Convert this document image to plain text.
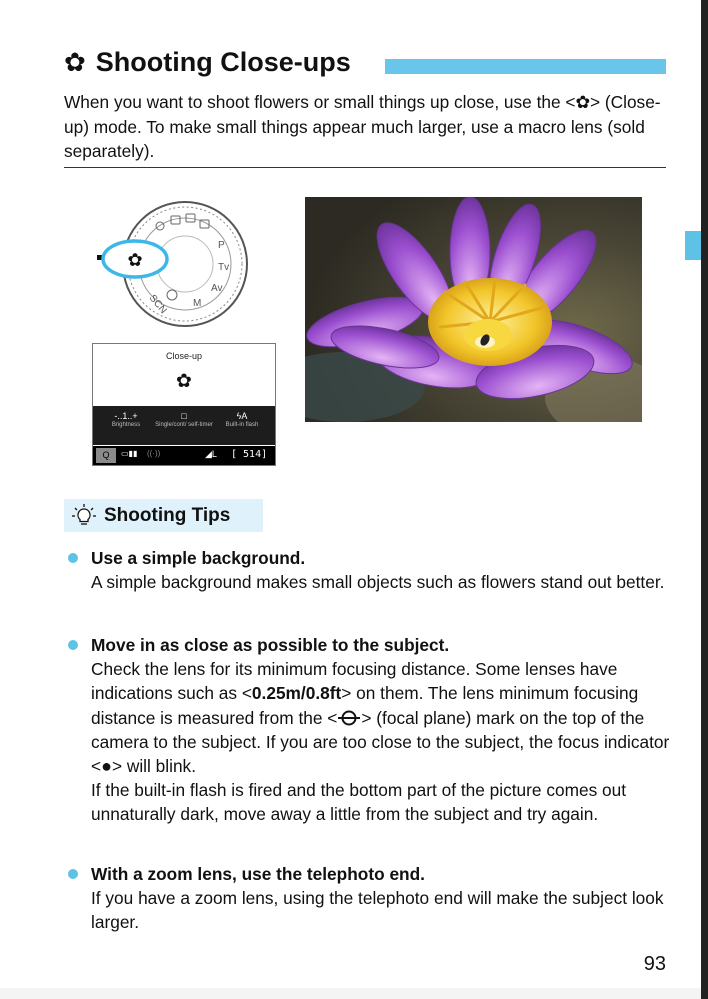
✿ Shooting Close-ups
When you want to shoot flowers or small things up close, use the <✿> (Close-up) mode. To make small things appear much larger, use a macro lens (sold separately).
SCN
P
Tv
Av
M
✿
Close-up
✿
-..1..+
Brightness
□
Single/cont/ self-timer
ϟA
Built-in flash
Q	▭▮▮ ((·))	◢L [ 514]
Shooting Tips
Use a simple background.
A simple background makes small objects such as flowers stand out better.
Move in as close as possible to the subject.
Check the lens for its minimum focusing distance. Some lenses have indications such as <0.25m/0.8ft> on them. The lens minimum focusing distance is measured from the < > (focal plane) mark on the top of the camera to the subject. If you are too close to the subject, the focus indicator <●> will blink.
If the built-in flash is fired and the bottom part of the picture comes out unnaturally dark, move away a little from the subject and try again.
With a zoom lens, use the telephoto end.
If you have a zoom lens, using the telephoto end will make the subject look larger.
93
